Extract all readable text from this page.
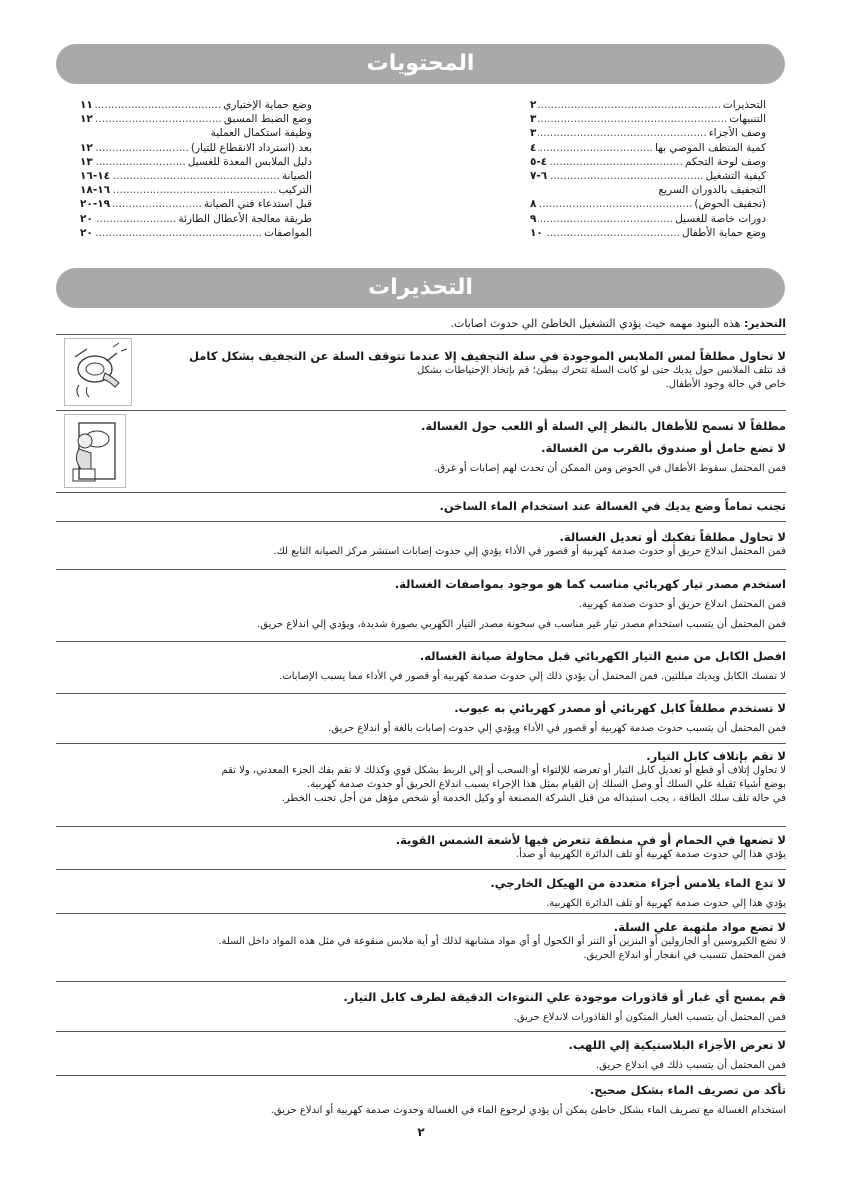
المحتويات
التحذيرات
.....
٢
التنبيهات
.....
٣
وصف الأجزاء
.....
٣
كمية المنظف الموصي بها
.....
٤
وصف لوحة التحكم
.....
٤-٥
كيفية التشغيل
.....
٦-٧
التجفيف بالدوران السريع
(تجفيف الحوض)
.....
٨
دورات خاصة للغسيل
.....
٩
وضع حماية الأطفال
.....
١٠
وضع حماية الإختياري
.....
١١
وضع الضبط المسبق
.....
١٢
وظيفة استكمال العملية
بعد (استرداد الانقطاع للتيار)
.....
١٢
دليل الملابس المعدة للغسيل
.....
١٣
الصيانة
.....
١٤-١٦
التركيب
.....
١٦-١٨
قبل استدعاء فني الصيانة
.....
١٩-٢٠
طريقة معالجة الأعطال الطارئة
.....
٢٠
المواصفات
.....
٢٠
التحذيرات
التحذير: هذه البنود مهمه حيث يؤدي التشغيل الخاطئ الي حدوث اصابات.
لا تحاول مطلقاً لمس الملابس الموجودة في سلة التجفيف إلا عندما تتوقف السلة عن التجفيف بشكل كامل

قد تتلف الملابس حول يديك حتى لو كانت السلة تتحرك ببطئ؛ قم بإتخاذ الإحتياطات بشكل

خاص في حالة وجود الأطفال.

مطلقاً لا تسمح للأطفال بالنظر إلي السلة أو اللعب حول الغسالة.
لا تضع حامل أو صندوق بالقرب من الغسالة.

فمن المحتمل سقوط الأطفال في الحوض ومن الممكن أن تحدث لهم إصابات أو غرق.

تجنب تماماً وضع يديك في الغسالة عند استخدام الماء الساخن.
لا تحاول مطلقاً تفكيك أو تعديل الغسالة.

فمن المحتمل اندلاع حريق أو حدوث صدمة كهربية أو قصور في الأداء يؤدي إلي حدوث إصابات استشر مركز الصيانه التابع لك.

استخدم مصدر تيار كهربائي مناسب كما هو موجود بمواصفات الغسالة.

فمن المحتمل اندلاع حريق أو حدوث صدمة كهربية.

فمن المحتمل أن يتسبب استخدام مصدر تيار غير مناسب في سخونة مصدر التيار الكهربي بصورة شديدة، ويؤدي إلي اندلاع حريق.

افصل الكابل من منبع التيار الكهربائي قبل محاولة صيانة الغساله.

لا تمسك الكابل ويديك مبللتين. فمن المحتمل أن يؤدي ذلك إلي حدوث صدمة كهربية أو قصور في الأداء مما يسبب الإصابات.

لا تستخدم مطلقاً كابل كهربائي أو مصدر كهربائي به عيوب.

فمن المحتمل أن يتسبب حدوث صدمة كهربية أو قصور في الأداء ويؤدي إلي حدوث إصابات بالغة أو اندلاع حريق.

لا تقم بإتلاف كابل التيار.

لا تحاول إتلاف أو قطع أو تعديل كابل التيار أو تعرضه للإلتواء أو السحب أو إلي الربط بشكل قوي وكذلك لا تقم بفك الجزء المعدني، ولا تقم

بوضع أشياء ثقيلة علي السلك أو وصل السلك إن القيام بمثل هذا الإجراء يسبب اندلاع الحريق أو حدوث صدمة كهربية.

في حالة تلف سلك الطاقة ، يجب استبداله من قبل الشركة المصنعة أو وكيل الخدمة أو شخص مؤهل من أجل تجنب الخطر.

لا تضعها في الحمام أو في منطقة تتعرض فيها لأشعة الشمس القوية.

يؤدي هذا إلي حدوث صدمة كهربية أو تلف الدائرة الكهربية أو صدأ.

لا تدع الماء يلامس أجزاء متعددة من الهيكل الخارجي.

يؤدي هذا إلي حدوث صدمة كهربية أو تلف الدائرة الكهربية.

لا تضع مواد ملتهبة علي السلة.

لا تضع الكيروسين أو الجازولين أو البنزين أو التنر أو الكحول أو أي مواد مشابهة لذلك أو أية ملابس منقوعة في مثل هذه المواد داخل السلة.

فمن المحتمل تتسبب في انفجار أو اندلاع الحريق.

قم بمسح أي غبار أو قاذورات موجودة علي النتوءات الدقيقة لطرف كابل التيار.

فمن المحتمل أن يتسبب الغبار المتكون أو القاذورات لاندلاع حريق.

لا تعرض الأجزاء البلاستيكية إلي اللهب.

فمن المحتمل أن يتسبب ذلك في اندلاع حريق.

تأكد من تصريف الماء بشكل صحيح.

استخدام الغسالة مع تصريف الماء بشكل خاطئ يمكن أن يؤدي لرجوع الماء في الغسالة وحدوث صدمة كهربية أو اندلاع حريق.

٢
